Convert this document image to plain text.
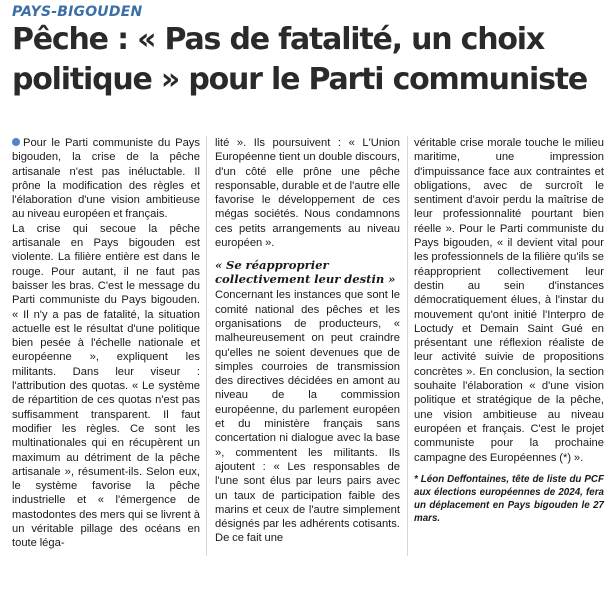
PAYS-BIGOUDEN
Pêche : « Pas de fatalité, un choix politique » pour le Parti communiste

Pour le Parti communiste du Pays bigouden, la crise de la pêche artisanale n'est pas inéluctable. Il prône la modification des règles et l'élaboration d'une vision ambitieuse au niveau européen et français.

La crise qui secoue la pêche artisanale en Pays bigouden est violente. La filière entière est dans le rouge. Pour autant, il ne faut pas baisser les bras. C'est le message du Parti communiste du Pays bigouden. « Il n'y a pas de fatalité, la situation actuelle est le résultat d'une politique bien pesée à l'échelle nationale et européenne », expliquent les militants. Dans leur viseur : l'attribution des quotas. « Le système de répartition de ces quotas n'est pas suffisamment transparent. Il faut modifier les règles. Ce sont les multinationales qui en récupèrent un maximum au détriment de la pêche artisanale », résument-ils. Selon eux, le système favorise la pêche industrielle et « l'émergence de mastodontes des mers qui se livrent à un véritable pillage des océans en toute léga-

lité ». Ils poursuivent : « L'Union Européenne tient un double discours, d'un côté elle prône une pêche responsable, durable et de l'autre elle favorise le développement de ces mégas sociétés. Nous condamnons ces petits arrangements au niveau européen ».

« Se réapproprier collectivement leur destin »

Concernant les instances que sont le comité national des pêches et les organisations de producteurs, « malheureusement on peut craindre qu'elles ne soient devenues que de simples courroies de transmission des directives décidées en amont au niveau de la commission européenne, du parlement européen et du ministère français sans concertation ni dialogue avec la base », commentent les militants. Ils ajoutent : « Les responsables de l'une sont élus par leurs pairs avec un taux de participation faible des marins et ceux de l'autre simplement désignés par les adhérents cotisants. De ce fait une

véritable crise morale touche le milieu maritime, une impression d'impuissance face aux contraintes et obligations, avec de surcroît le sentiment d'avoir perdu la maîtrise de leur professionnalité pourtant bien réelle ». Pour le Parti communiste du Pays bigouden, « il devient vital pour les professionnels de la filière qu'ils se réapproprient collectivement leur destin au sein d'instances démocratiquement élues, à l'instar du mouvement qu'ont initié l'Interpro de Loctudy et Demain Saint Gué en présentant une réflexion réaliste de leur activité suivie de propositions concrètes ». En conclusion, la section souhaite l'élaboration « d'une vision politique et stratégique de la pêche, une vision ambitieuse au niveau européen et français. C'est le projet communiste pour la prochaine campagne des Européennes (*) ».

* Léon Deffontaines, tête de liste du PCF aux élections européennes de 2024, fera un déplacement en Pays bigouden le 27 mars.
